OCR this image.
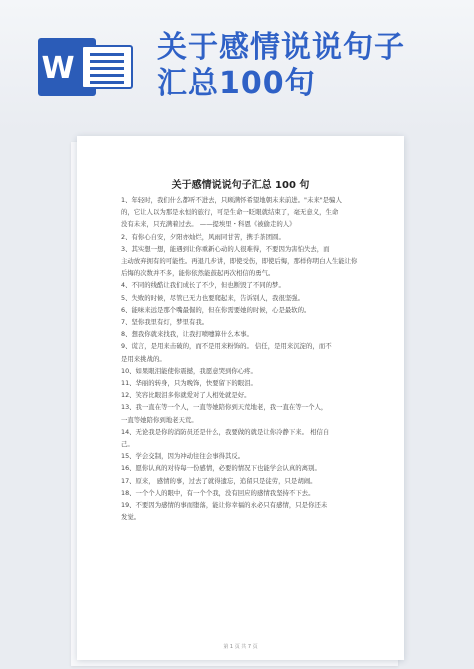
W
关于感情说说句子
汇总100句
关于感情说说句子汇总 100 句
1、年轻时，我们什么都听不进去，只顾满怀希望地朝未来前进。"未来"是骗人
的，它让人以为那是永恒的旅行，可是生命一眨眼就结束了，毫无意义，生命
没有未来，只充满着过去。 ——提埃里・科恩《被偷走的人》
2、有你心自安，夕阳亦灿烂，风雨同甘苦，携手茶团圆。
3、其实想一想，能遇到让你重新心动的人很难得，不要因为害怕失去，而
主动放弃拥有的可能性。再退几步讲，即使受伤，即使后悔，那样你明白人生能让你
后悔的次数并不多，能你依然能鼓起再次相信的勇气。
4、不同的线酷让我们成长了不少，但也断毁了不同的梦。
5、失败的时候，尽管已无力也要爬起来，告诉别人，我很坚强。
6、能味来远是那个嘴最倔的，但在你需要她的时候，心是最软的。
7、坚你我里有灯，梦里有我。
8、想我你就来找我，让我打喷嚏算什么本事。
9、谎言，是用来击破的，而不是用来粉饰的。 信任，是用来沉淀的，而不
是用来挑战的。
10、如果眼泪能使你震撼，我愿意哭到你心疼。
11、华丽的转身，只为晚饰，快要留下的眼泪。
12、笑容比眼泪多你就爱对了人相处就是好。
13、我一直在等一个人，一直等她陪你到天荒地老，我一直在等一个人，
一直等她陪你到地老天荒。
14、无论我是你的消防员还是什么，我要做的就是让你冷静下来。 相信自
己。
15、学会交制，因为冲动往往会事得其反。
16、愿你认真的对待每一份感情，必要的情况下也能学会认真的离别。
17、原来， 感情的事，过去了就得遗忘，追留只是徒劳，只是胡闹。
18、一个个人的眼中，有一个个我，没有回应的感情我坚持不下去。
19、不要因为感情的事而堕落，能让你幸福的永必只有感情，只是你还未
发觉。
第 1 页 共 7 页
